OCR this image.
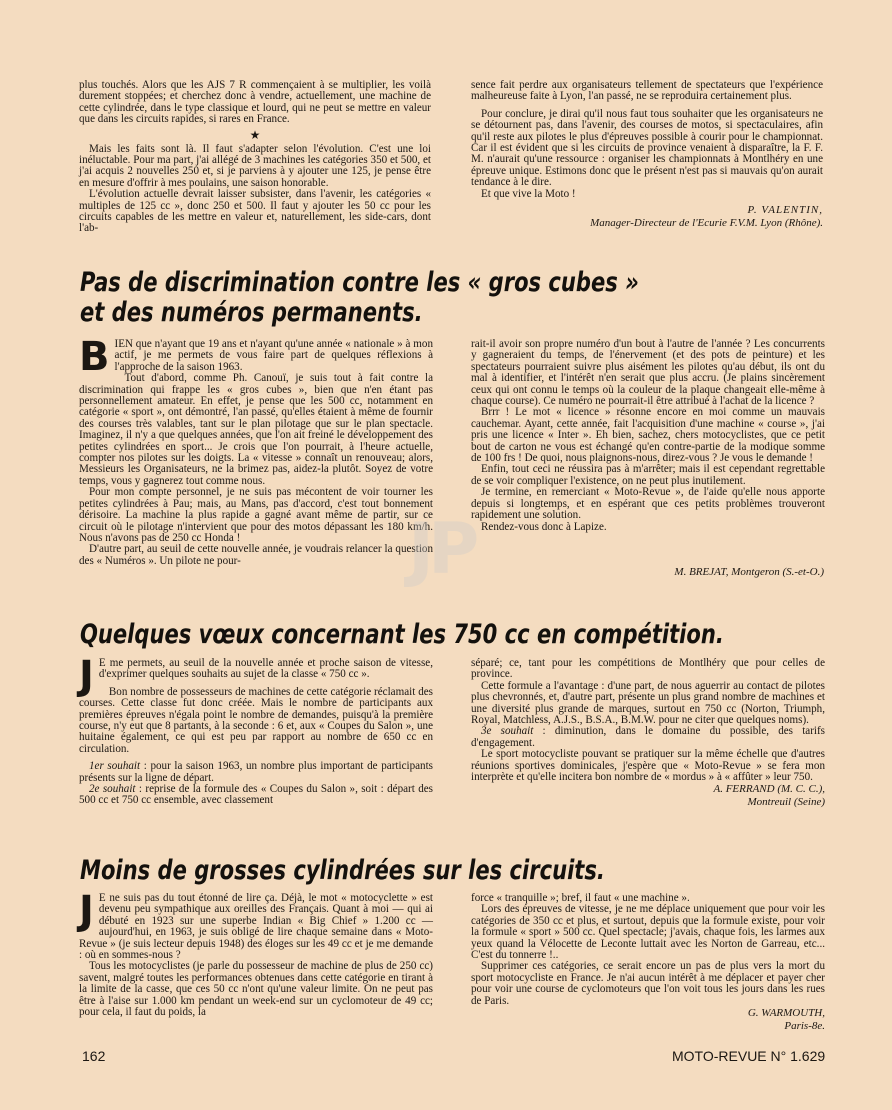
plus touchés. Alors que les AJS 7 R commençaient à se multiplier, les voilà durement stoppées; et cherchez donc à vendre, actuellement, une machine de cette cylindrée, dans le type classique et lourd, qui ne peut se mettre en valeur que dans les circuits rapides, si rares en France.

★

Mais les faits sont là. Il faut s'adapter selon l'évolution. C'est une loi inéluctable. Pour ma part, j'ai allégé de 3 machines les catégories 350 et 500, et j'ai acquis 2 nouvelles 250 et, si je parviens à y ajouter une 125, je pense être en mesure d'offrir à mes poulains, une saison honorable.

L'évolution actuelle devrait laisser subsister, dans l'avenir, les catégories « multiples de 125 cc », donc 250 et 500. Il faut y ajouter les 50 cc pour les circuits capables de les mettre en valeur et, naturellement, les side-cars, dont l'ab-

sence fait perdre aux organisateurs tellement de spectateurs que l'expérience malheureuse faite à Lyon, l'an passé, ne se reproduira certainement plus.

Pour conclure, je dirai qu'il nous faut tous souhaiter que les organisateurs ne se détournent pas, dans l'avenir, des courses de motos, si spectaculaires, afin qu'il reste aux pilotes le plus d'épreuves possible à courir pour le championnat. Car il est évident que si les circuits de province venaient à disparaître, la F. F. M. n'aurait qu'une ressource : organiser les championnats à Montlhéry en une épreuve unique. Estimons donc que le présent n'est pas si mauvais qu'on aurait tendance à le dire.

Et que vive la Moto !

P. VALENTIN,

Manager-Directeur de l'Ecurie F.V.M. Lyon (Rhône).

Pas de discrimination contre les « gros cubes »
et des numéros permanents.
B IEN que n'ayant que 19 ans et n'ayant qu'une année « nationale » à mon actif, je me permets de vous faire part de quelques réflexions à l'approche de la saison 1963.

Tout d'abord, comme Ph. Canouï, je suis tout à fait contre la discrimination qui frappe les « gros cubes », bien que n'en étant pas personnellement amateur. En effet, je pense que les 500 cc, notamment en catégorie « sport », ont démontré, l'an passé, qu'elles étaient à même de fournir des courses très valables, tant sur le plan pilotage que sur le plan spectacle. Imaginez, il n'y a que quelques années, que l'on ait freiné le développement des petites cylindrées en sport... Je crois que l'on pourrait, à l'heure actuelle, compter nos pilotes sur les doigts. La « vitesse » connaît un renouveau; alors, Messieurs les Organisateurs, ne la brimez pas, aidez-la plutôt. Soyez de votre temps, vous y gagnerez tout comme nous.

Pour mon compte personnel, je ne suis pas mécontent de voir tourner les petites cylindrées à Pau; mais, au Mans, pas d'accord, c'est tout bonnement dérisoire. La machine la plus rapide a gagné avant même de partir, sur ce circuit où le pilotage n'intervient que pour des motos dépassant les 180 km/h. Nous n'avons pas de 250 cc Honda !

D'autre part, au seuil de cette nouvelle année, je voudrais relancer la question des « Numéros ». Un pilote ne pour-

rait-il avoir son propre numéro d'un bout à l'autre de l'année ? Les concurrents y gagneraient du temps, de l'énervement (et des pots de peinture) et les spectateurs pourraient suivre plus aisément les pilotes qu'au début, ils ont du mal à identifier, et l'intérêt n'en serait que plus accru. (Je plains sincèrement ceux qui ont connu le temps où la couleur de la plaque changeait elle-même à chaque course). Ce numéro ne pourrait-il être attribué à l'achat de la licence ?

Brrr ! Le mot « licence » résonne encore en moi comme un mauvais cauchemar. Ayant, cette année, fait l'acquisition d'une machine « course », j'ai pris une licence « Inter ». Eh bien, sachez, chers motocyclistes, que ce petit bout de carton ne vous est échangé qu'en contre-partie de la modique somme de 100 frs ! De quoi, nous plaignons-nous, direz-vous ? Je vous le demande !

Enfin, tout ceci ne réussira pas à m'arrêter; mais il est cependant regrettable de se voir compliquer l'existence, on ne peut plus inutilement.

Je termine, en remerciant « Moto-Revue », de l'aide qu'elle nous apporte depuis si longtemps, et en espérant que ces petits problèmes trouveront rapidement une solution.

Rendez-vous donc à Lapize.

M. BREJAT, Montgeron (S.-et-O.)

Quelques vœux concernant les 750 cc en compétition.
J E me permets, au seuil de la nouvelle année et proche saison de vitesse, d'exprimer quelques souhaits au sujet de la classe « 750 cc ».

Bon nombre de possesseurs de machines de cette catégorie réclamait des courses. Cette classe fut donc créée. Mais le nombre de participants aux premières épreuves n'égala point le nombre de demandes, puisqu'à la première course, n'y eut que 8 partants, à la seconde : 6 et, aux « Coupes du Salon », une huitaine également, ce qui est peu par rapport au nombre de 650 cc en circulation.

1er souhait : pour la saison 1963, un nombre plus important de participants présents sur la ligne de départ.

2e souhait : reprise de la formule des « Coupes du Salon », soit : départ des 500 cc et 750 cc ensemble, avec classement

séparé; ce, tant pour les compétitions de Montlhéry que pour celles de province.

Cette formule a l'avantage : d'une part, de nous aguerrir au contact de pilotes plus chevronnés, et, d'autre part, présente un plus grand nombre de machines et une diversité plus grande de marques, surtout en 750 cc (Norton, Triumph, Royal, Matchless, A.J.S., B.S.A., B.M.W. pour ne citer que quelques noms).

3e souhait : diminution, dans le domaine du possible, des tarifs d'engagement.

Le sport motocycliste pouvant se pratiquer sur la même échelle que d'autres réunions sportives dominicales, j'espère que « Moto-Revue » se fera mon interprète et qu'elle incitera bon nombre de « mordus » à « affûter » leur 750.

A. FERRAND (M. C. C.),

Montreuil (Seine)

Moins de grosses cylindrées sur les circuits.
J E ne suis pas du tout étonné de lire ça. Déjà, le mot « motocyclette » est devenu peu sympathique aux oreilles des Français. Quant à moi — qui ai débuté en 1923 sur une superbe Indian « Big Chief » 1.200 cc — aujourd'hui, en 1963, je suis obligé de lire chaque semaine dans « Moto-Revue » (je suis lecteur depuis 1948) des éloges sur les 49 cc et je me demande : où en sommes-nous ?

Tous les motocyclistes (je parle du possesseur de machine de plus de 250 cc) savent, malgré toutes les performances obtenues dans cette catégorie en tirant à la limite de la casse, que ces 50 cc n'ont qu'une valeur limite. On ne peut pas être à l'aise sur 1.000 km pendant un week-end sur un cyclomoteur de 49 cc; pour cela, il faut du poids, la

force « tranquille »; bref, il faut « une machine ».

Lors des épreuves de vitesse, je ne me déplace uniquement que pour voir les catégories de 350 cc et plus, et surtout, depuis que la formule existe, pour voir la formule « sport » 500 cc. Quel spectacle; j'avais, chaque fois, les larmes aux yeux quand la Vélocette de Leconte luttait avec les Norton de Garreau, etc... C'est du tonnerre !..

Supprimer ces catégories, ce serait encore un pas de plus vers la mort du sport motocycliste en France. Je n'ai aucun intérêt à me déplacer et payer cher pour voir une course de cyclomoteurs que l'on voit tous les jours dans les rues de Paris.

G. WARMOUTH,

Paris-8e.

JP
162	MOTO-REVUE N° 1.629
